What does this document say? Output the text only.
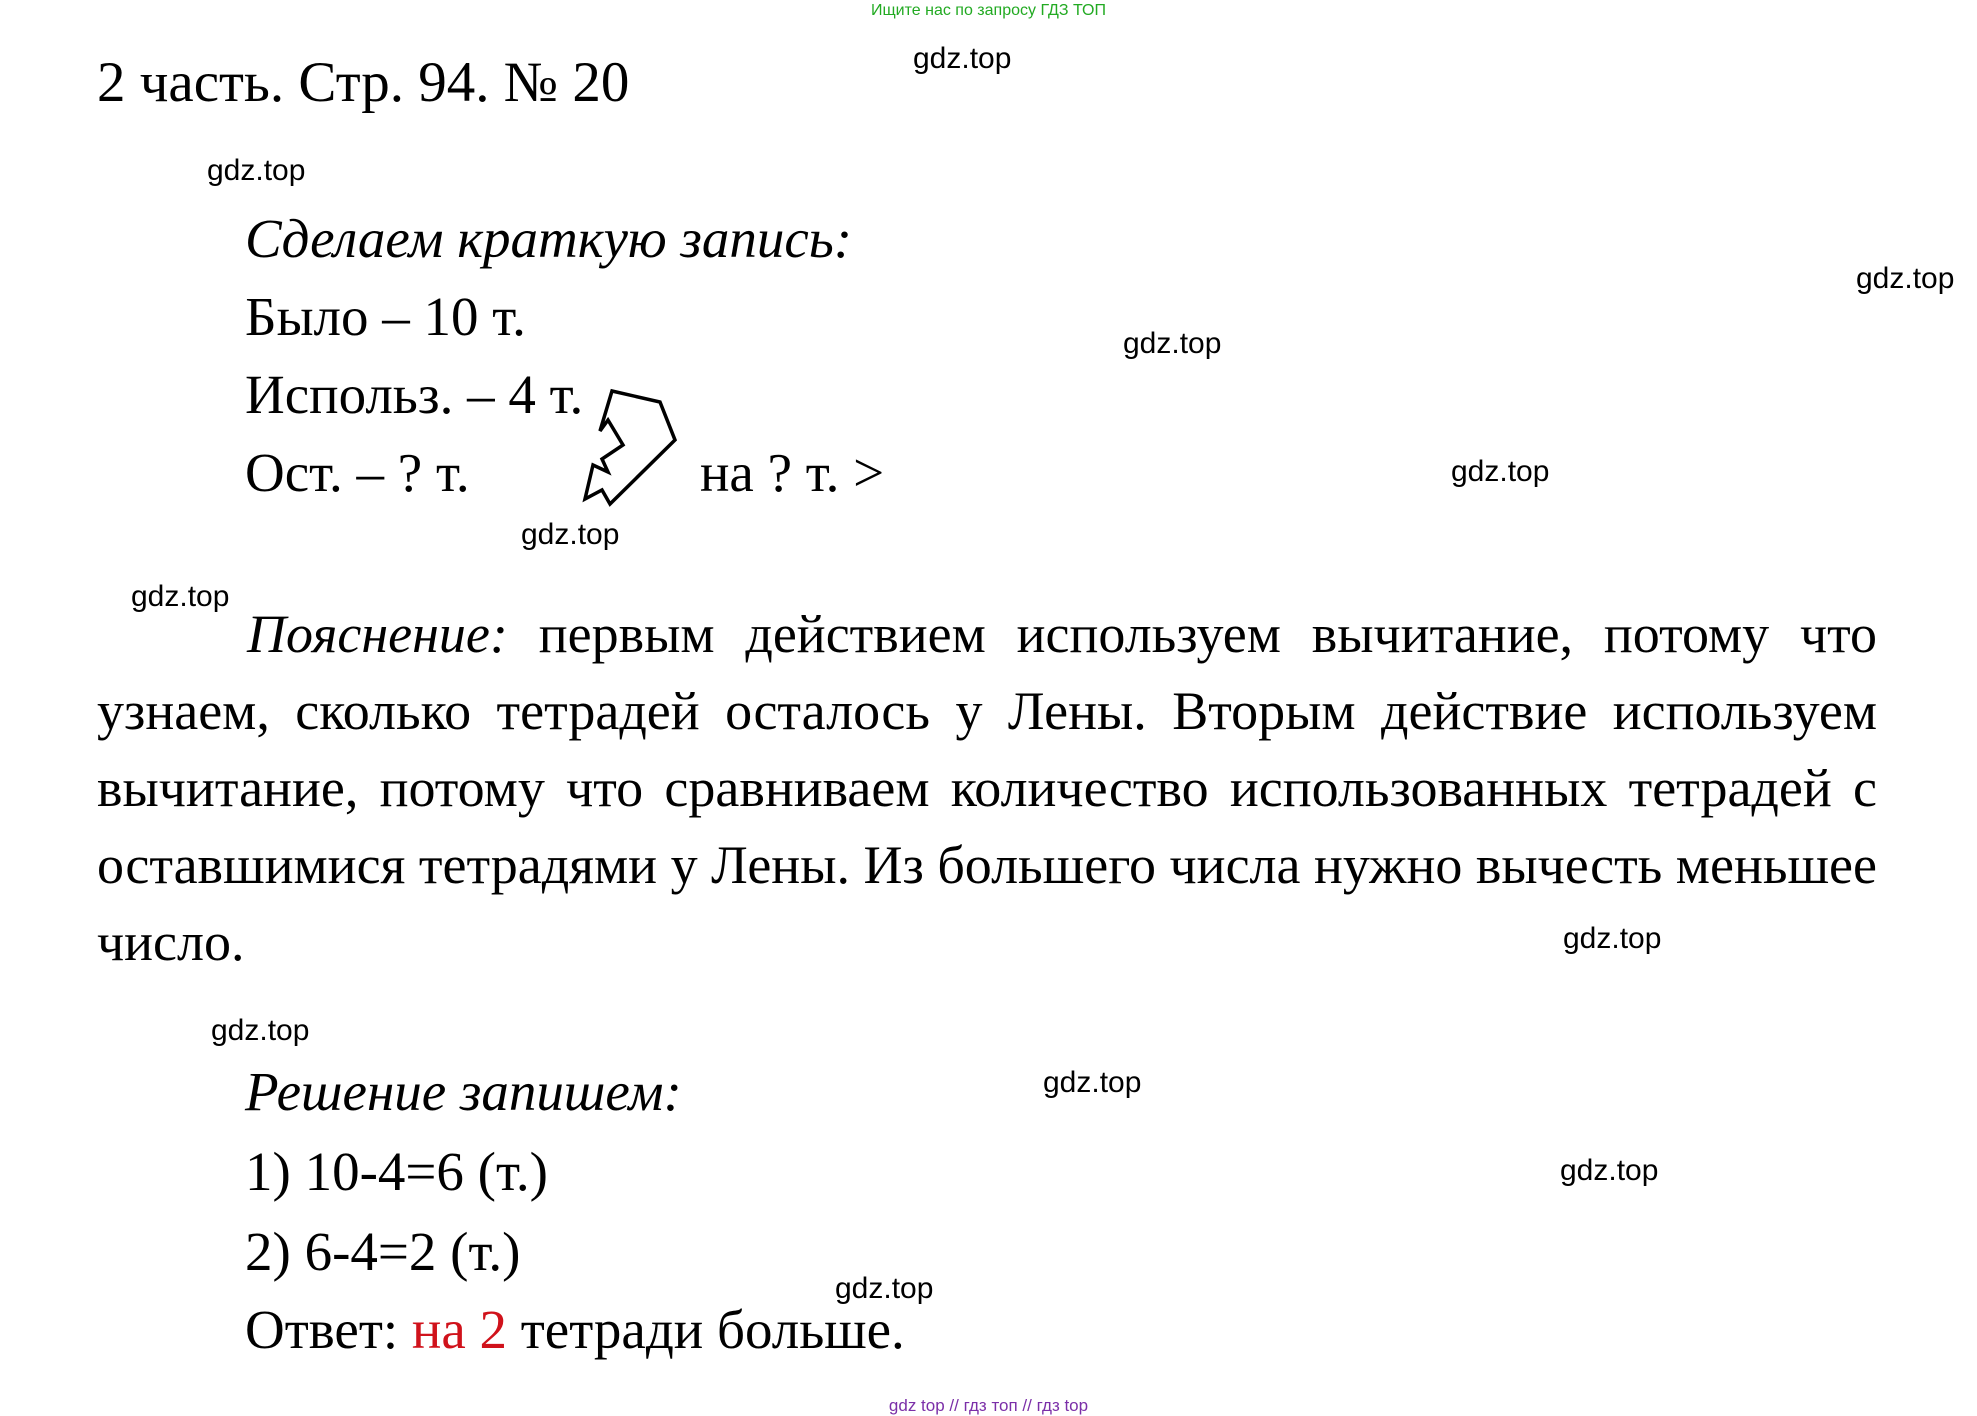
Ищите нас по запросу ГДЗ ТОП
2 часть. Стр. 94. № 20	gdz.top
gdz.top
gdz.top
gdz.top
gdz.top
gdz.top
gdz.top
gdz.top
gdz.top
gdz.top
gdz.top
gdz.top
Сделаем краткую запись:
Было – 10 т.
Использ. – 4 т.
Ост. – ? т.	на ? т. >
Пояснение: первым действием используем вычитание, потому что узнаем, сколько тетрадей осталось у Лены. Вторым действие используем вычитание, потому что сравниваем количество использованных тетрадей с оставшимися тетрадями у Лены. Из большего числа нужно вычесть меньшее число.
Решение запишем:
1) 10-4=6 (т.)
2) 6-4=2 (т.)
Ответ: на 2 тетради больше.
gdz top // гдз топ // гдз top
